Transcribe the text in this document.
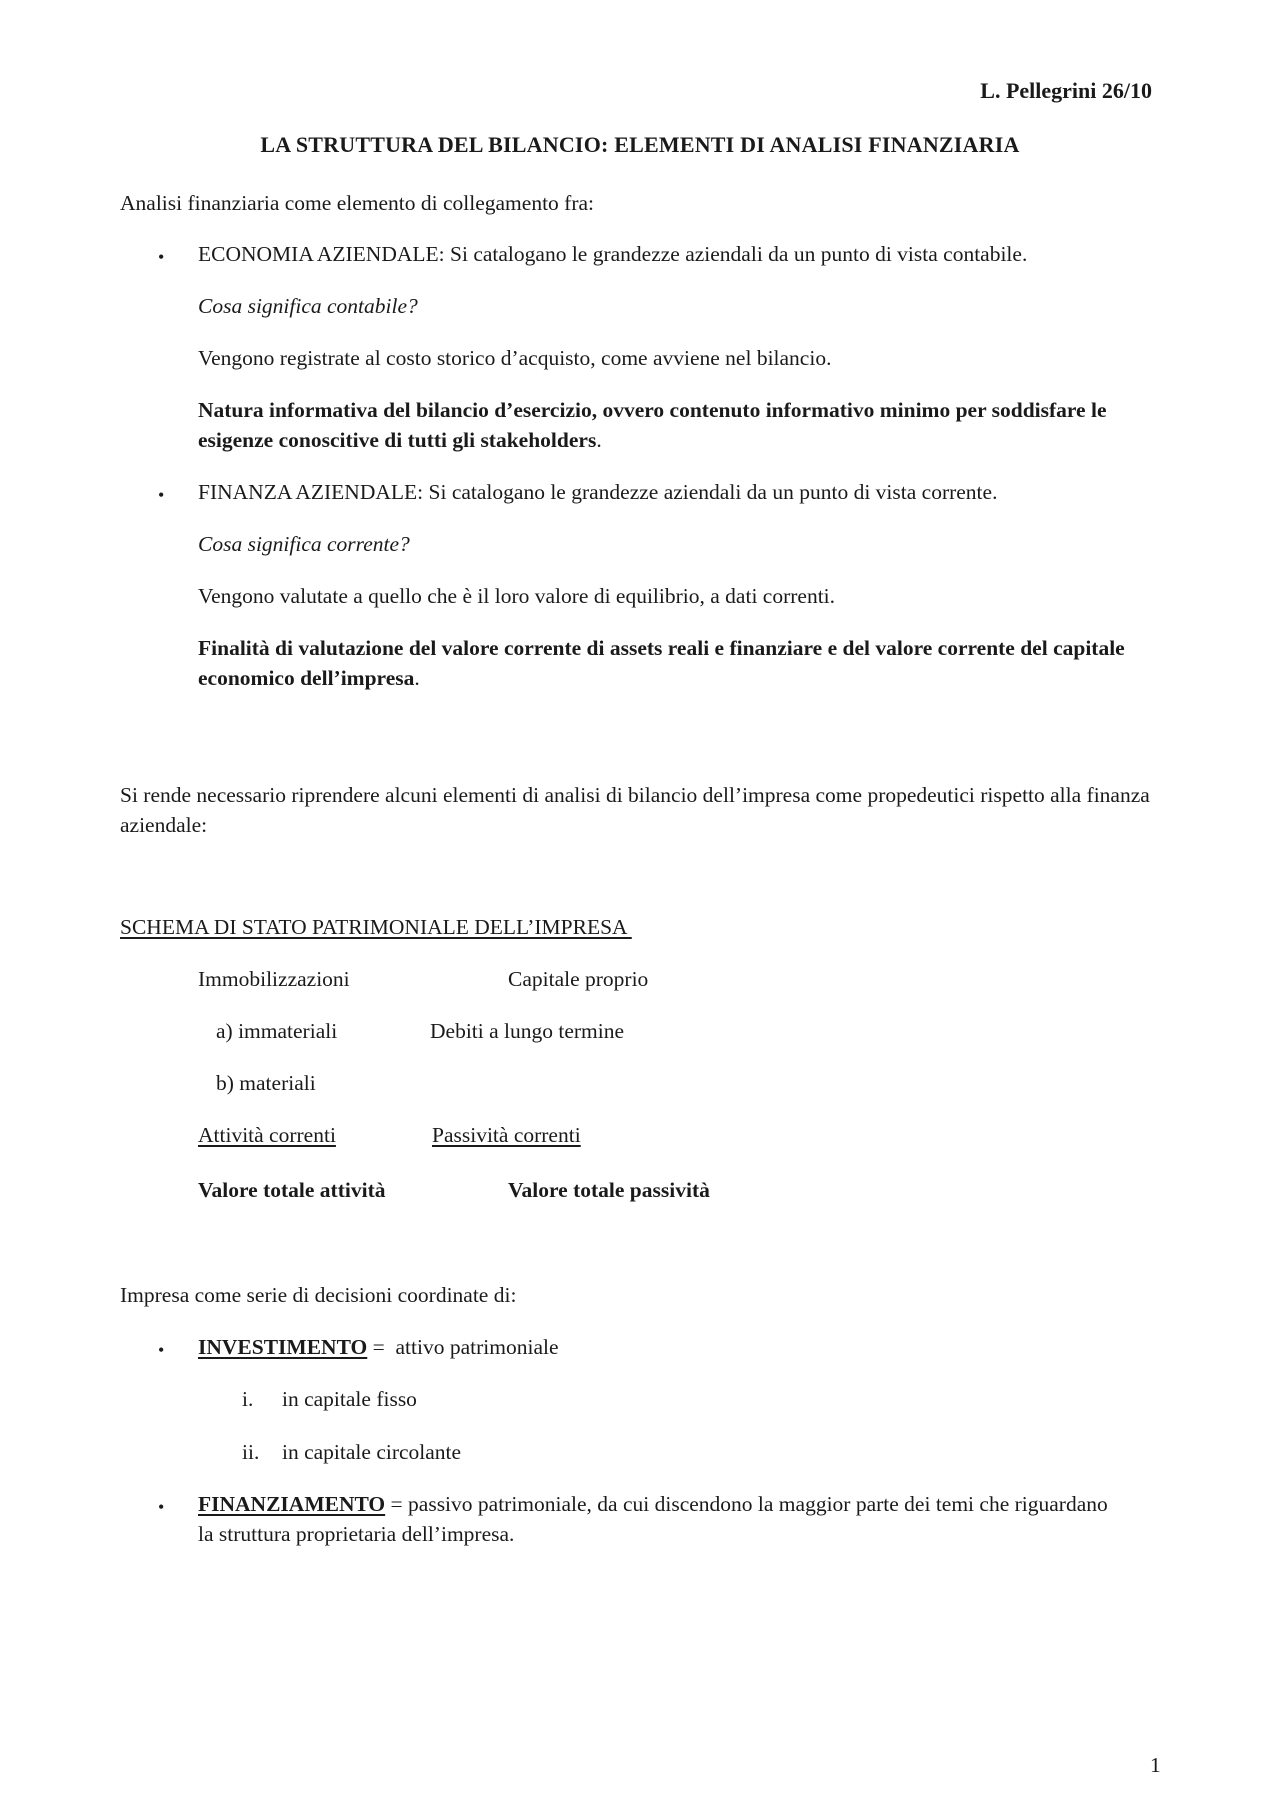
L. Pellegrini 26/10
LA STRUTTURA DEL BILANCIO: ELEMENTI DI ANALISI FINANZIARIA
Analisi finanziaria come elemento di collegamento fra:
• ECONOMIA AZIENDALE: Si catalogano le grandezze aziendali da un punto di vista contabile.
Cosa significa contabile?
Vengono registrate al costo storico d’acquisto, come avviene nel bilancio.
Natura informativa del bilancio d’esercizio, ovvero contenuto informativo minimo per soddisfare le esigenze conoscitive di tutti gli stakeholders.
• FINANZA AZIENDALE: Si catalogano le grandezze aziendali da un punto di vista corrente.
Cosa significa corrente?
Vengono valutate a quello che è il loro valore di equilibrio, a dati correnti.
Finalità di valutazione del valore corrente di assets reali e finanziare e del valore corrente del capitale economico dell’impresa.
Si rende necessario riprendere alcuni elementi di analisi di bilancio dell’impresa come propedeutici rispetto alla finanza aziendale:
SCHEMA DI STATO PATRIMONIALE DELL’IMPRESA
Immobilizzazioni	Capitale proprio
a) immateriali	Debiti a lungo termine
b) materiali
Attività correnti	Passività correnti
Valore totale attività	Valore totale passività
Impresa come serie di decisioni coordinate di:
• INVESTIMENTO =  attivo patrimoniale
i. in capitale fisso
ii. in capitale circolante
• FINANZIAMENTO = passivo patrimoniale, da cui discendono la maggior parte dei temi che riguardano la struttura proprietaria dell’impresa.
1
